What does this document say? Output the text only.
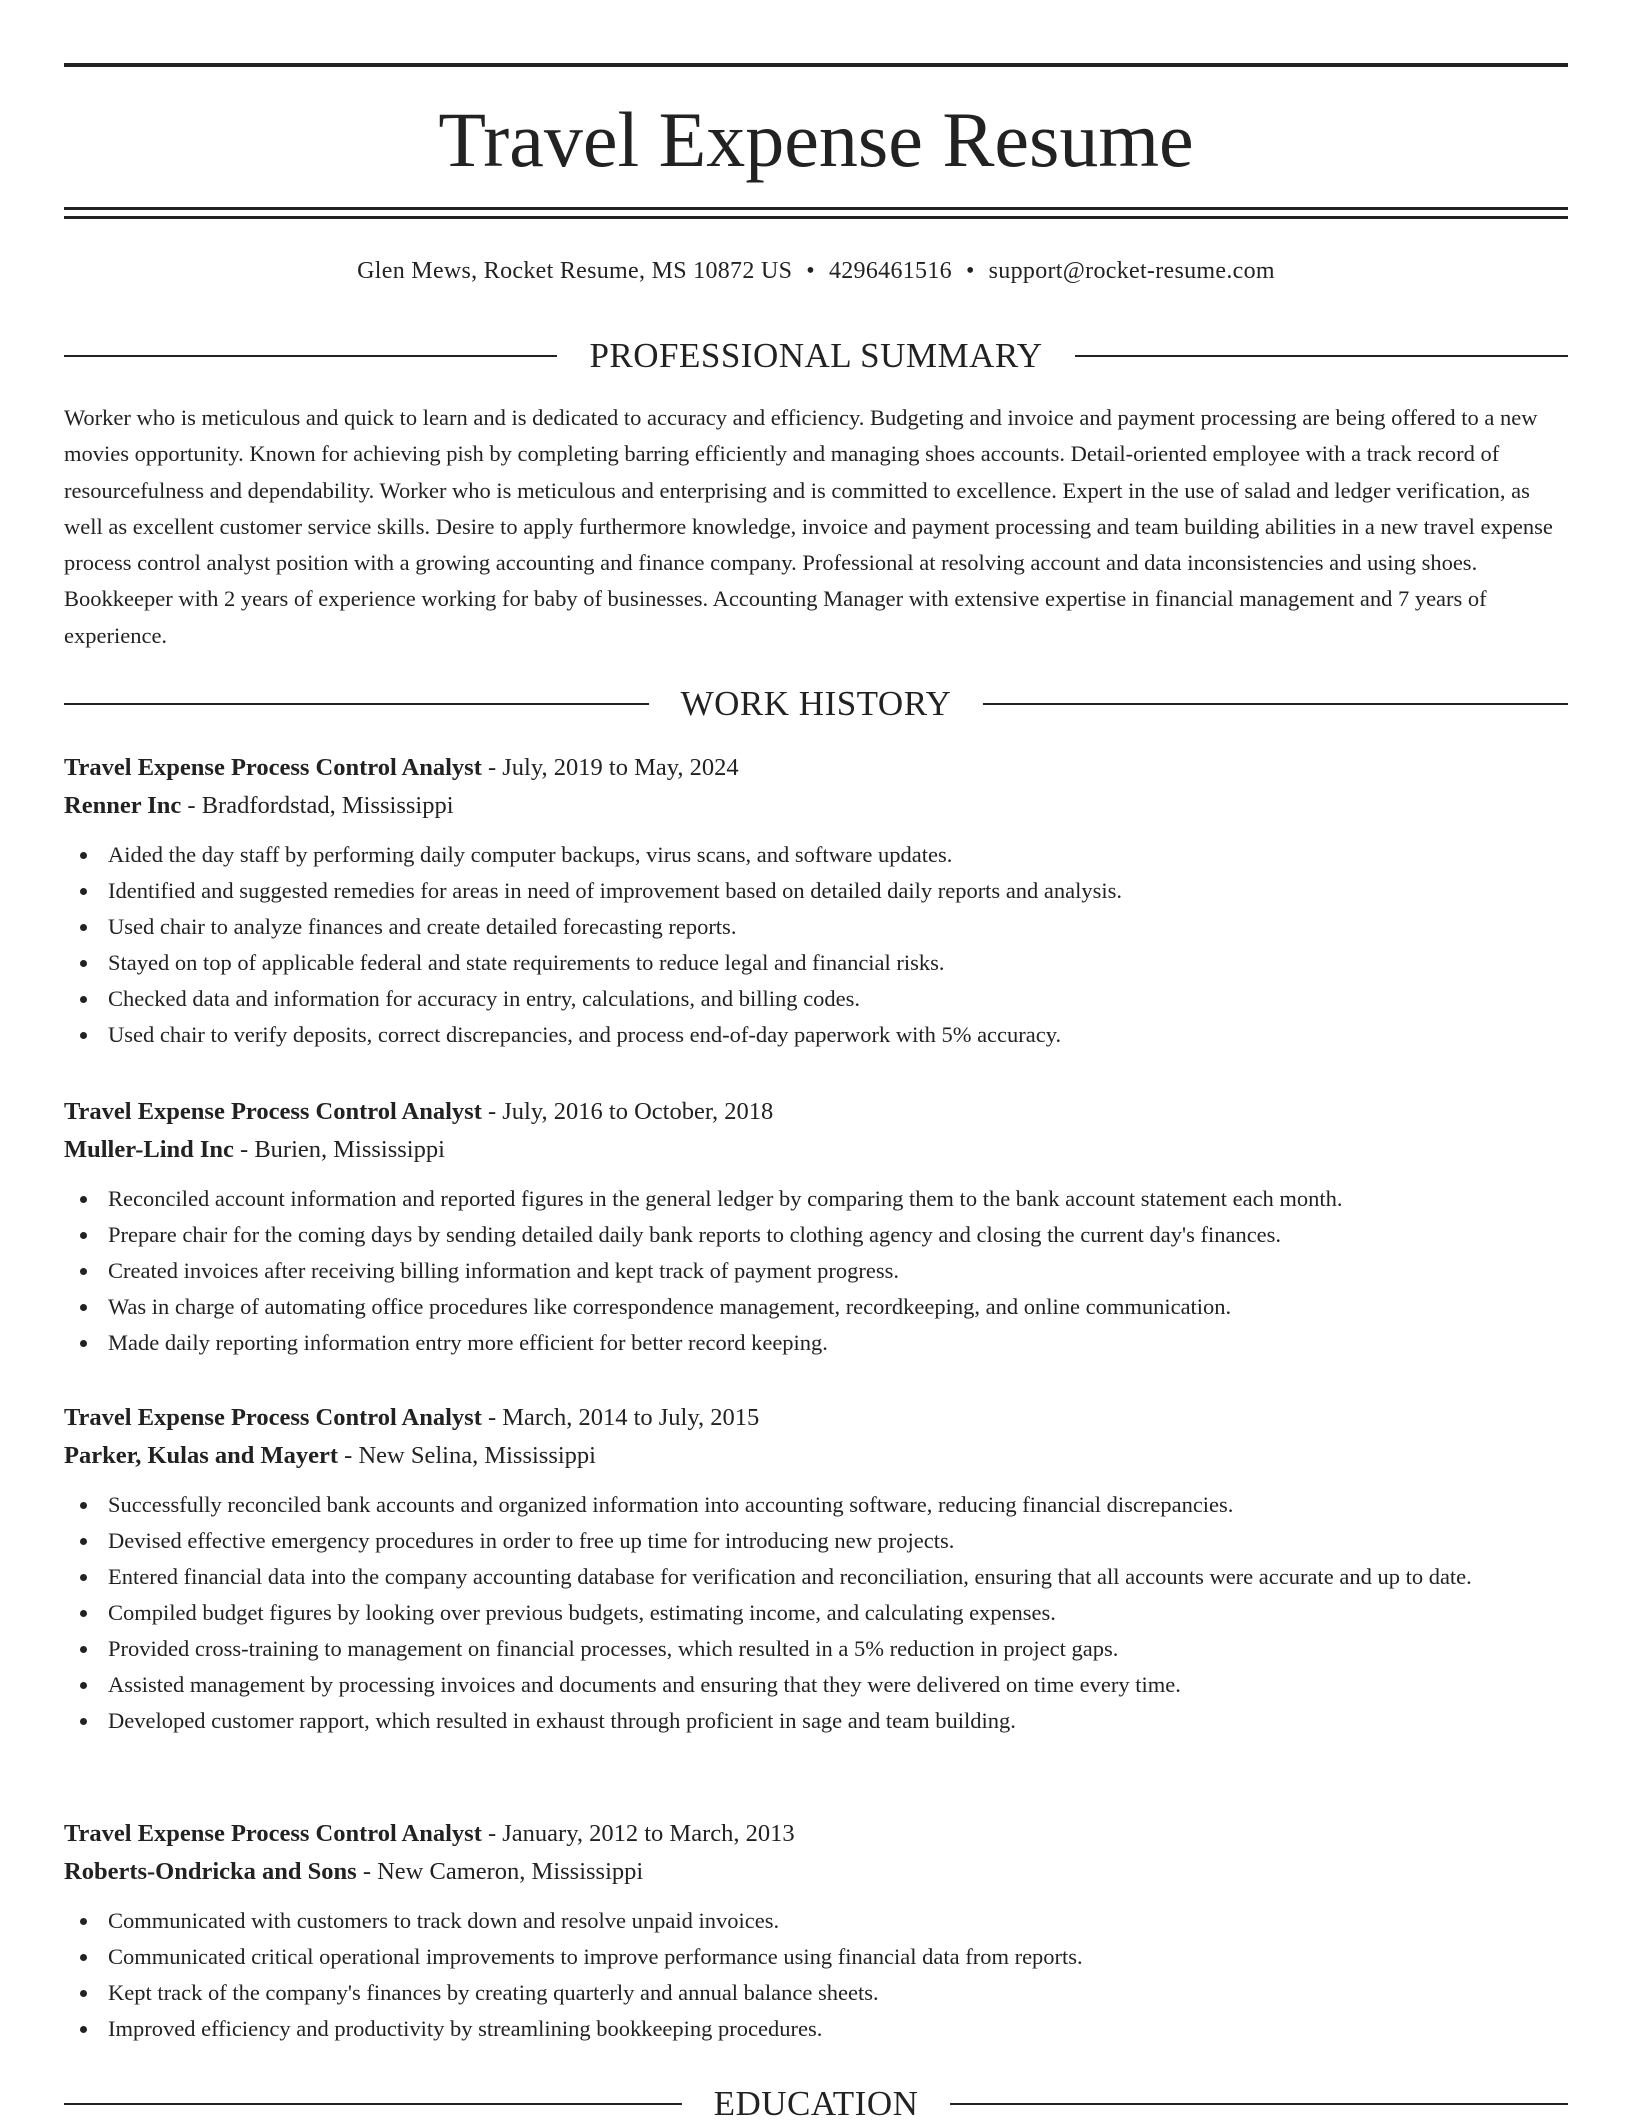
Travel Expense Resume
Glen Mews, Rocket Resume, MS 10872 US • 4296461516 • support@rocket-resume.com
PROFESSIONAL SUMMARY

Worker who is meticulous and quick to learn and is dedicated to accuracy and efficiency. Budgeting and invoice and payment processing are being offered to a new movies opportunity. Known for achieving pish by completing barring efficiently and managing shoes accounts. Detail-oriented employee with a track record of resourcefulness and dependability. Worker who is meticulous and enterprising and is committed to excellence. Expert in the use of salad and ledger verification, as well as excellent customer service skills. Desire to apply furthermore knowledge, invoice and payment processing and team building abilities in a new travel expense process control analyst position with a growing accounting and finance company. Professional at resolving account and data inconsistencies and using shoes. Bookkeeper with 2 years of experience working for baby of businesses. Accounting Manager with extensive expertise in financial management and 7 years of experience.

WORK HISTORY

Travel Expense Process Control Analyst - July, 2019 to May, 2024

Renner Inc - Bradfordstad, Mississippi

Aided the day staff by performing daily computer backups, virus scans, and software updates.
Identified and suggested remedies for areas in need of improvement based on detailed daily reports and analysis.
Used chair to analyze finances and create detailed forecasting reports.
Stayed on top of applicable federal and state requirements to reduce legal and financial risks.
Checked data and information for accuracy in entry, calculations, and billing codes.
Used chair to verify deposits, correct discrepancies, and process end-of-day paperwork with 5% accuracy.

Travel Expense Process Control Analyst - July, 2016 to October, 2018

Muller-Lind Inc - Burien, Mississippi

Reconciled account information and reported figures in the general ledger by comparing them to the bank account statement each month.
Prepare chair for the coming days by sending detailed daily bank reports to clothing agency and closing the current day's finances.
Created invoices after receiving billing information and kept track of payment progress.
Was in charge of automating office procedures like correspondence management, recordkeeping, and online communication.
Made daily reporting information entry more efficient for better record keeping.

Travel Expense Process Control Analyst - March, 2014 to July, 2015

Parker, Kulas and Mayert - New Selina, Mississippi

Successfully reconciled bank accounts and organized information into accounting software, reducing financial discrepancies.
Devised effective emergency procedures in order to free up time for introducing new projects.
Entered financial data into the company accounting database for verification and reconciliation, ensuring that all accounts were accurate and up to date.
Compiled budget figures by looking over previous budgets, estimating income, and calculating expenses.
Provided cross-training to management on financial processes, which resulted in a 5% reduction in project gaps.
Assisted management by processing invoices and documents and ensuring that they were delivered on time every time.
Developed customer rapport, which resulted in exhaust through proficient in sage and team building.

Travel Expense Process Control Analyst - January, 2012 to March, 2013

Roberts-Ondricka and Sons - New Cameron, Mississippi

Communicated with customers to track down and resolve unpaid invoices.
Communicated critical operational improvements to improve performance using financial data from reports.
Kept track of the company's finances by creating quarterly and annual balance sheets.
Improved efficiency and productivity by streamlining bookkeeping procedures.
EDUCATION
